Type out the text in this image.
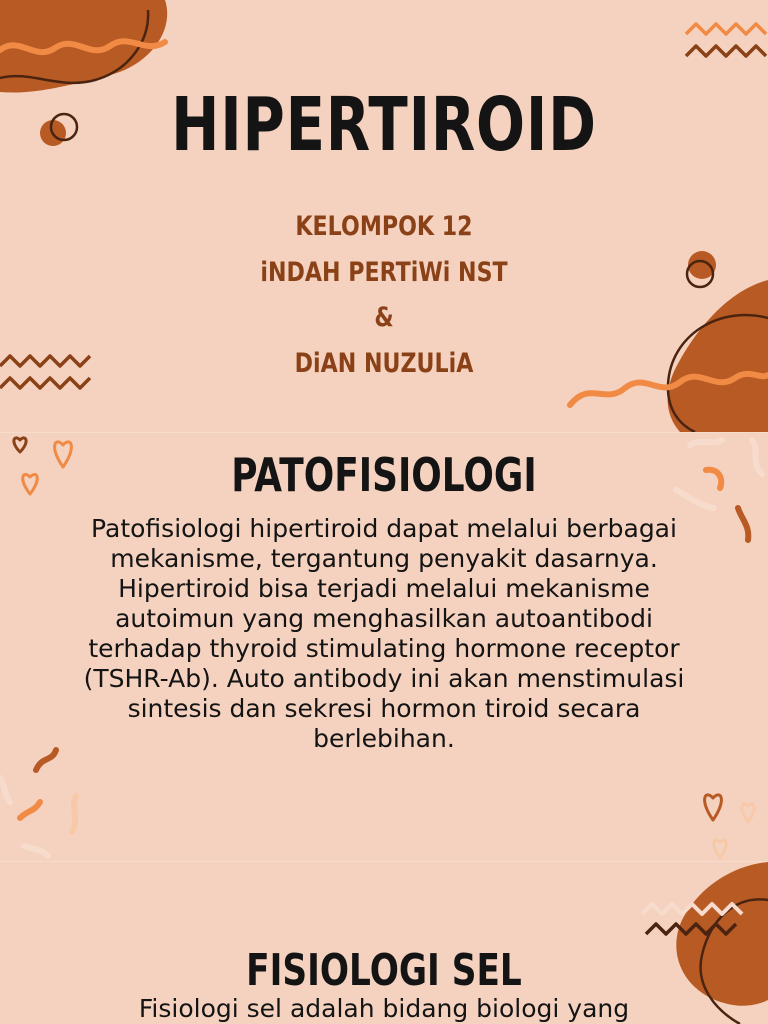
HIPERTIROID
KELOMPOK 12
iNDAH PERTiWi NST
&
DiAN NUZULiA
PATOFISIOLOGI
Patofisiologi hipertiroid dapat melalui berbagai mekanisme, tergantung penyakit dasarnya. Hipertiroid bisa terjadi melalui mekanisme autoimun yang menghasilkan autoantibodi terhadap thyroid stimulating hormone receptor (TSHR-Ab). Auto antibody ini akan menstimulasi sintesis dan sekresi hormon tiroid secara berlebihan.
FISIOLOGI SEL
Fisiologi sel adalah bidang biologi yang
